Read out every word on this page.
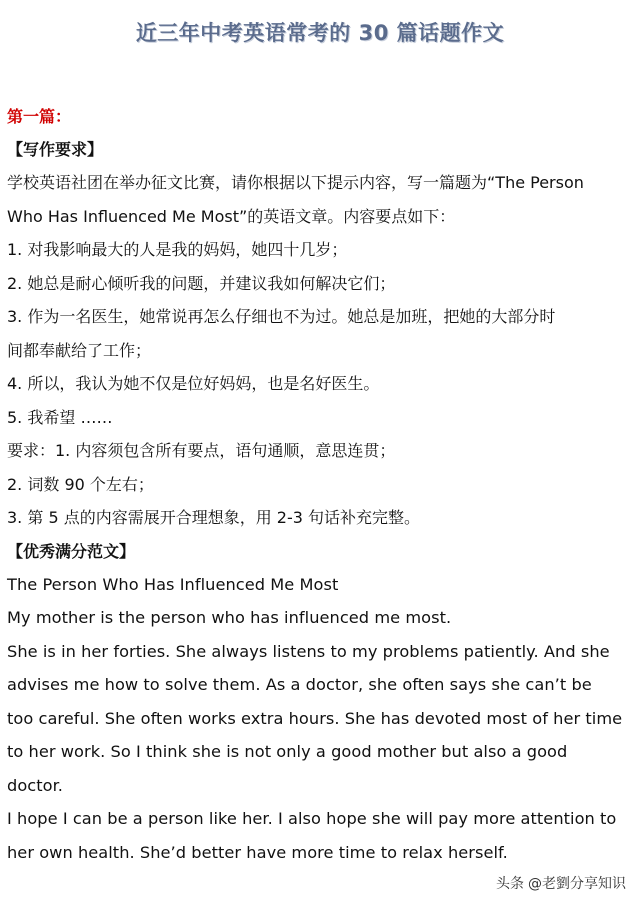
近三年中考英语常考的 30 篇话题作文
第一篇：
【写作要求】
学校英语社团在举办征文比赛，请你根据以下提示内容，写一篇题为“The Person
Who Has Influenced Me Most”的英语文章。内容要点如下：
1. 对我影响最大的人是我的妈妈，她四十几岁；
2. 她总是耐心倾听我的问题，并建议我如何解决它们；
3. 作为一名医生，她常说再怎么仔细也不为过。她总是加班，把她的大部分时
间都奉献给了工作；
4. 所以，我认为她不仅是位好妈妈，也是名好医生。
5. 我希望 ……
要求：1. 内容须包含所有要点，语句通顺，意思连贯；
2. 词数 90 个左右；
3. 第 5 点的内容需展开合理想象，用 2-3 句话补充完整。
【优秀满分范文】
The Person Who Has Influenced Me Most
My mother is the person who has influenced me most.
She is in her forties. She always listens to my problems patiently. And she
advises me how to solve them. As a doctor, she often says she can’t be
too careful. She often works extra hours. She has devoted most of her time
to her work. So I think she is not only a good mother but also a good
doctor.
I hope I can be a person like her. I also hope she will pay more attention to
her own health. She’d better have more time to relax herself.
头条 @老劉分享知识
